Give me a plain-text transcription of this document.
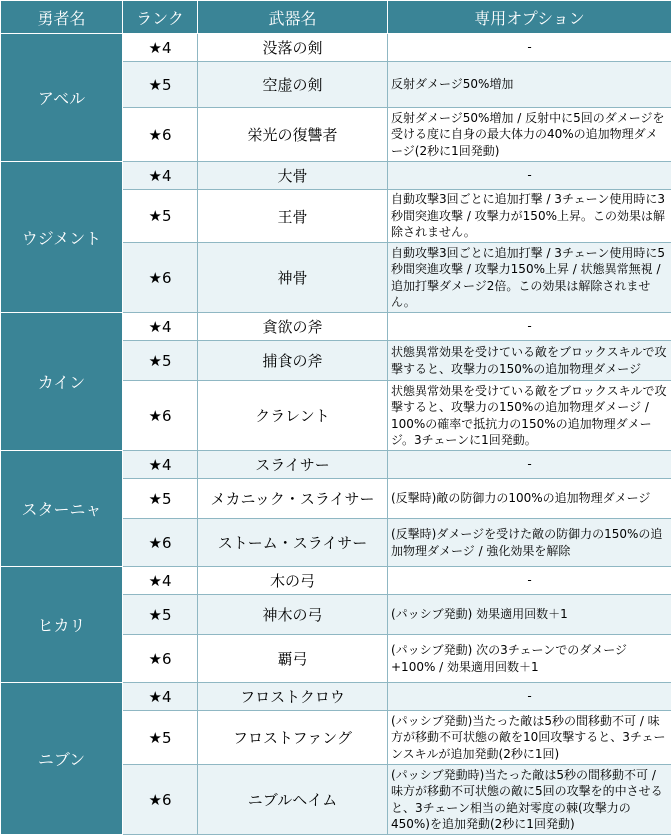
勇者名	ランク	武器名	専用オプション
アベル	★4	没落の剣	-
	★5	空虚の剣	反射ダメージ50%増加
	★6	栄光の復讐者	反射ダメージ50%増加 / 反射中に5回のダメージを受ける度に自身の最大体力の40%の追加物理ダメージ(2秒に1回発動)
ウジメント	★4	大骨	-
	★5	王骨	自動攻撃3回ごとに追加打撃 / 3チェーン使用時に3秒間突進攻撃 / 攻撃力が150%上昇。この効果は解除されません。
	★6	神骨	自動攻撃3回ごとに追加打撃 / 3チェーン使用時に5秒間突進攻撃 / 攻撃力150%上昇 / 状態異常無視 / 追加打撃ダメージ2倍。この効果は解除されません。
カイン	★4	貪欲の斧	-
	★5	捕食の斧	状態異常効果を受けている敵をブロックスキルで攻撃すると、攻撃力の150%の追加物理ダメージ
	★6	クラレント	状態異常効果を受けている敵をブロックスキルで攻撃すると、攻撃力の150%の追加物理ダメージ / 100%の確率で抵抗力の150%の追加物理ダメージ。3チェーンに1回発動。
スターニャ	★4	スライサー	-
	★5	メカニック・スライサー	(反撃時)敵の防御力の100%の追加物理ダメージ
	★6	ストーム・スライサー	(反撃時)ダメージを受けた敵の防御力の150%の追加物理ダメージ / 強化効果を解除
ヒカリ	★4	木の弓	-
	★5	神木の弓	(パッシブ発動) 効果適用回数＋1
	★6	覇弓	(パッシブ発動) 次の3チェーンでのダメージ+100% / 効果適用回数＋1
ニブン	★4	フロストクロウ	-
	★5	フロストファング	(パッシブ発動)当たった敵は5秒の間移動不可 / 味方が移動不可状態の敵を10回攻撃すると、3チェーンスキルが追加発動(2秒に1回)
	★6	ニブルヘイム	(パッシブ発動時)当たった敵は5秒の間移動不可 / 味方が移動不可状態の敵に5回の攻撃を的中させると、3チェーン相当の絶対零度の棘(攻撃力の450%)を追加発動(2秒に1回発動)
